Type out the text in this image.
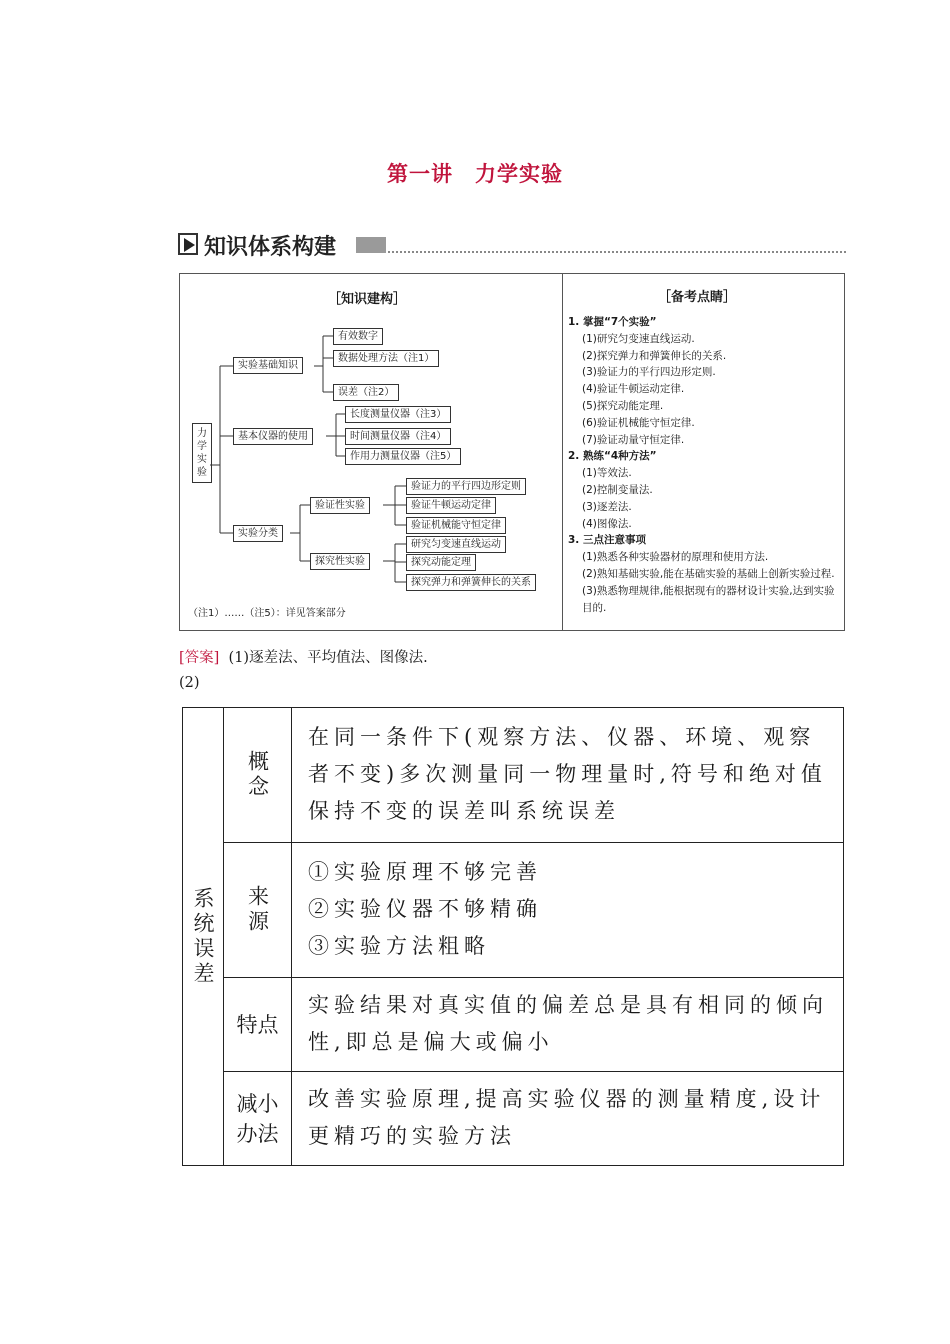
第一讲　力学实验
知识体系构建
［知识建构］	［备考点睛］
力学实验
实验基础知识
有效数字
数据处理方法（注1）
误差（注2）
基本仪器的使用
长度测量仪器（注3）
时间测量仪器（注4）
作用力测量仪器（注5）
实验分类
验证性实验
验证力的平行四边形定则
验证牛顿运动定律
验证机械能守恒定律
探究性实验
研究匀变速直线运动
探究动能定理
探究弹力和弹簧伸长的关系
（注1）……（注5）：详见答案部分
1. 掌握“7个实验”
(1)研究匀变速直线运动.
(2)探究弹力和弹簧伸长的关系.
(3)验证力的平行四边形定则.
(4)验证牛顿运动定律.
(5)探究动能定理.
(6)验证机械能守恒定律.
(7)验证动量守恒定律.
2. 熟练“4种方法”
(1)等效法.
(2)控制变量法.
(3)逐差法.
(4)图像法.
3. 三点注意事项
(1)熟悉各种实验器材的原理和使用方法.
(2)熟知基础实验,能在基础实验的基础上创新实验过程.
(3)熟悉物理规律,能根据现有的器材设计实验,达到实验目的.
[答案] (1)逐差法、平均值法、图像法.
(2)
系统误差	概念	在同一条件下(观察方法、仪器、环境、观察者不变)多次测量同一物理量时,符号和绝对值保持不变的误差叫系统误差
	来源	①实验原理不够完善
②实验仪器不够精确
③实验方法粗略
	特点	实验结果对真实值的偏差总是具有相同的倾向性,即总是偏大或偏小
	减小办法	改善实验原理,提高实验仪器的测量精度,设计更精巧的实验方法
